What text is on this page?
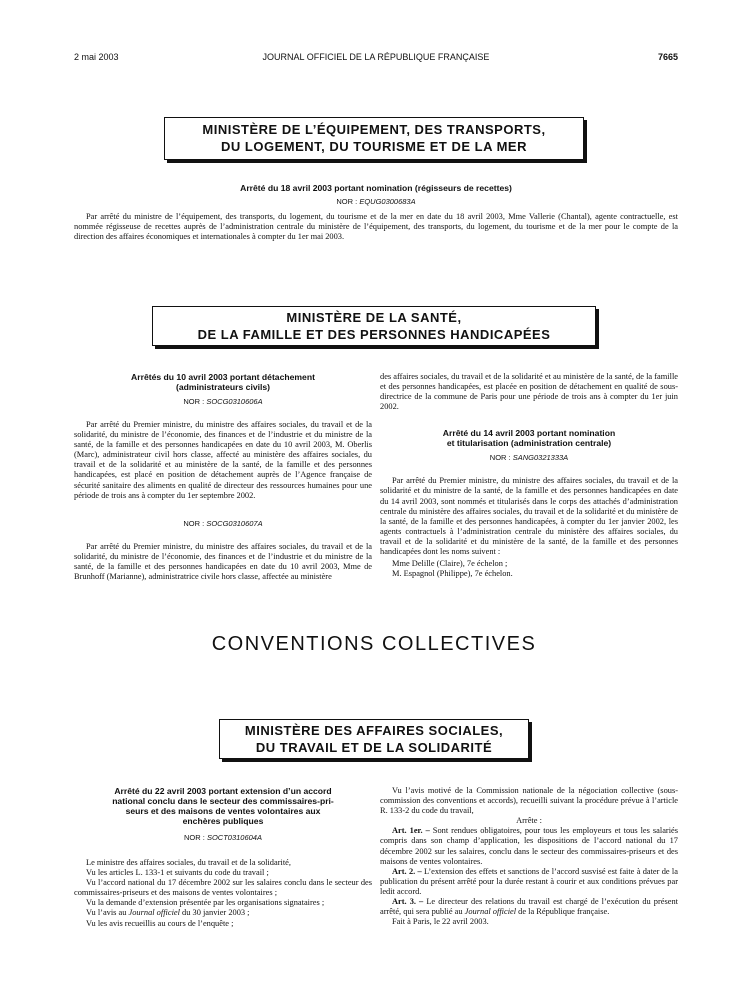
2 mai 2003	JOURNAL OFFICIEL DE LA RÉPUBLIQUE FRANÇAISE	7665
MINISTÈRE DE L’ÉQUIPEMENT, DES TRANSPORTS,
DU LOGEMENT, DU TOURISME ET DE LA MER
Arrêté du 18 avril 2003 portant nomination (régisseurs de recettes)
NOR : EQUG0300683A

Par arrêté du ministre de l’équipement, des transports, du logement, du tourisme et de la mer en date du 18 avril 2003, Mme Vallerie (Chantal), agente contractuelle, est nommée régisseuse de recettes auprès de l’administration centrale du ministère de l’équipement, des transports, du logement, du tourisme et de la mer pour le compte de la direction des affaires économiques et internationales à compter du 1er mai 2003.

MINISTÈRE DE LA SANTÉ,
DE LA FAMILLE ET DES PERSONNES HANDICAPÉES
Arrêtés du 10 avril 2003 portant détachement
(administrateurs civils)
NOR : SOCG0310606A

Par arrêté du Premier ministre, du ministre des affaires sociales, du travail et de la solidarité, du ministre de l’économie, des finances et de l’industrie et du ministre de la santé, de la famille et des personnes handicapées en date du 10 avril 2003, M. Oberlis (Marc), administrateur civil hors classe, affecté au ministère des affaires sociales, du travail et de la solidarité et au ministère de la santé, de la famille et des personnes handicapées, est placé en position de détachement auprès de l’Agence française de sécurité sanitaire des aliments en qualité de directeur des ressources humaines pour une période de trois ans à compter du 1er septembre 2002.

NOR : SOCG0310607A

Par arrêté du Premier ministre, du ministre des affaires sociales, du travail et de la solidarité, du ministre de l’économie, des finances et de l’industrie et du ministre de la santé, de la famille et des personnes handicapées en date du 10 avril 2003, Mme de Brunhoff (Marianne), administratrice civile hors classe, affectée au ministère

des affaires sociales, du travail et de la solidarité et au ministère de la santé, de la famille et des personnes handicapées, est placée en position de détachement en qualité de sous-directrice de la commune de Paris pour une période de trois ans à compter du 1er juin 2002.

Arrêté du 14 avril 2003 portant nomination
et titularisation (administration centrale)
NOR : SANG0321333A

Par arrêté du Premier ministre, du ministre des affaires sociales, du travail et de la solidarité et du ministre de la santé, de la famille et des personnes handicapées en date du 14 avril 2003, sont nommés et titularisés dans le corps des attachés d’administration centrale du ministère des affaires sociales, du travail et de la solidarité et du ministère de la santé, de la famille et des personnes handicapées, à compter du 1er janvier 2002, les agents contractuels à l’administration centrale du ministère des affaires sociales, du travail et de la solidarité et du ministère de la santé, de la famille et des personnes handicapées dont les noms suivent :

Mme Delille (Claire), 7e échelon ;

M. Espagnol (Philippe), 7e échelon.

CONVENTIONS COLLECTIVES
MINISTÈRE DES AFFAIRES SOCIALES,
DU TRAVAIL ET DE LA SOLIDARITÉ
Arrêté du 22 avril 2003 portant extension d’un accord
national conclu dans le secteur des commissaires-pri-
seurs et des maisons de ventes volontaires aux
enchères publiques
NOR : SOCT0310604A

Le ministre des affaires sociales, du travail et de la solidarité,

Vu les articles L. 133-1 et suivants du code du travail ;

Vu l’accord national du 17 décembre 2002 sur les salaires conclu dans le secteur des commissaires-priseurs et des maisons de ventes volontaires ;

Vu la demande d’extension présentée par les organisations signataires ;

Vu l’avis au Journal officiel du 30 janvier 2003 ;

Vu les avis recueillis au cours de l’enquête ;

Vu l’avis motivé de la Commission nationale de la négociation collective (sous-commission des conventions et accords), recueilli suivant la procédure prévue à l’article R. 133-2 du code du travail,

Arrête :

Art. 1er. – Sont rendues obligatoires, pour tous les employeurs et tous les salariés compris dans son champ d’application, les dispositions de l’accord national du 17 décembre 2002 sur les salaires, conclu dans le secteur des commissaires-priseurs et des maisons de ventes volontaires.

Art. 2. – L’extension des effets et sanctions de l’accord susvisé est faite à dater de la publication du présent arrêté pour la durée restant à courir et aux conditions prévues par ledit accord.

Art. 3. – Le directeur des relations du travail est chargé de l’exécution du présent arrêté, qui sera publié au Journal officiel de la République française.

Fait à Paris, le 22 avril 2003.
